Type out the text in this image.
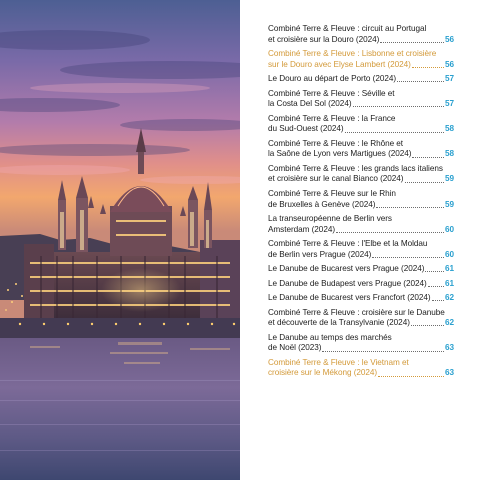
Combiné Terre & Fleuve : circuit au Portugal
et croisière sur la Douro (2024)	56
Combiné Terre & Fleuve : Lisbonne et croisière
sur le Douro avec Elyse Lambert (2024)	56
Le Douro au départ de Porto (2024)	57
Combiné Terre & Fleuve : Séville et
la Costa Del Sol (2024)	57
Combiné Terre & Fleuve : la France
du Sud-Ouest (2024)	58
Combiné Terre & Fleuve : le Rhône et
la Saône de Lyon vers Martigues (2024)	58
Combiné Terre & Fleuve : les grands lacs italiens
et croisière sur le canal Bianco (2024)	59
Combiné Terre & Fleuve sur le Rhin
de Bruxelles à Genève (2024)	59
La transeuropéenne de Berlin vers
Amsterdam (2024)	60
Combiné Terre & Fleuve : l'Elbe et la Moldau
de Berlin vers Prague (2024)	60
Le Danube de Bucarest vers Prague (2024)	61
Le Danube de Budapest vers Prague (2024) 61
Le Danube de Bucarest vers Francfort (2024) 62
Combiné Terre & Fleuve : croisière sur le Danube
et découverte de la Transylvanie (2024)	62
Le Danube au temps des marchés
de Noël (2023)	63
Combiné Terre & Fleuve : le Vietnam et
croisière sur le Mékong (2024)	63
